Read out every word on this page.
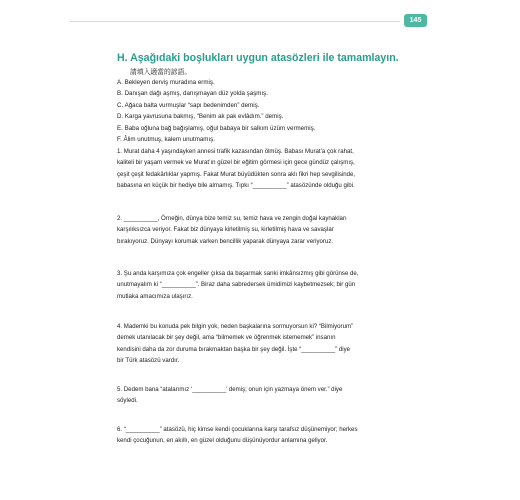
145
H. Aşağıdaki boşlukları uygun atasözleri ile tamamlayın.
請填入適當的諺語。
A. Bekleyen derviş muradına ermiş.
B. Danışan dağı aşmış, danışmayan düz yolda şaşmış.
C. Ağaca balta vurmuşlar “sapı bedenimden” demiş.
D. Karga yavrusuna bakmış, “Benim ak pak evlâdım.” demiş.
E. Baba oğluna bağ bağışlamış, oğul babaya bir salkım üzüm vermemiş.
F. Âlim unutmuş, kalem unutmamış.
1. Murat daha 4 yaşındayken annesi trafik kazasından ölmüş. Babası Murat’a çok rahat,
kaliteli bir yaşam vermek ve Murat’ın güzel bir eğitim görmesi için gece gündüz çalışmış,
çeşit çeşit fedakârlıklar yapmış. Fakat Murat büyüdükten sonra aklı fikri hep sevgilisinde,
babasına en küçük bir hediye bile almamış. Tıpkı “__________” atasözünde olduğu gibi.
2. __________, Örneğin, dünya bize temiz su, temiz hava ve zengin doğal kaynakları
karşılıksızca veriyor. Fakat biz dünyaya kirletilmiş su, kirletilmiş hava ve savaşlar
bırakıyoruz. Dünyayı korumak varken bencillik yaparak dünyaya zarar veriyoruz.
3. Şu anda karşımıza çok engeller çıksa da başarmak sanki imkânsızmış gibi görünse de,
unutmayalım ki “__________”. Biraz daha sabredersek ümidimizi kaybetmezsek; bir gün
mutlaka amacımıza ulaşırız.
4. Mademki bu konuda pek bilgin yok, neden başkalarına sormuyorsun ki? “Bilmiyorum”
demek utanılacak bir şey değil, ama “bilmemek ve öğrenmek istememek” insanın
kendisini daha da zor duruma bırakmaktan başka bir şey değil. İşte “__________” diye
bir Türk atasözü vardır.
5. Dedem bana “atalarımız ‘__________’ demiş; onun için yazmaya önem ver.” diye
söyledi.
6. “__________” atasözü, hiç kimse kendi çocuklarına karşı tarafsız düşünemiyor; herkes
kendi çocuğunun, en akıllı, en güzel olduğunu düşünüyordur anlamına geliyor.
